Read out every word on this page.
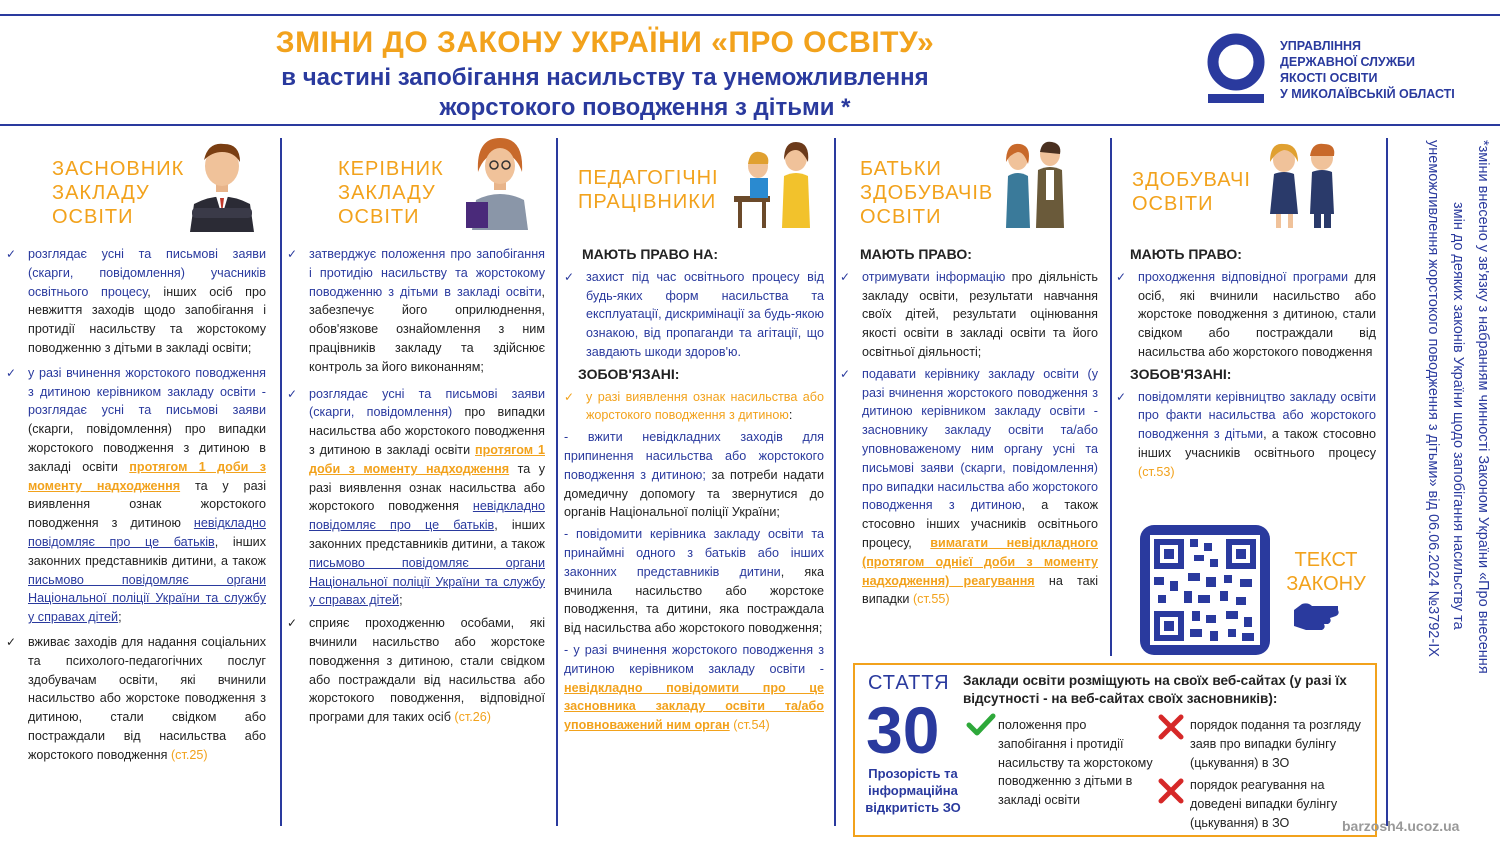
ЗМІНИ ДО ЗАКОНУ УКРАЇНИ «ПРО ОСВІТУ»
в частині запобігання насильству та унеможливлення
жорстокого поводження з дітьми *
УПРАВЛІННЯ
ДЕРЖАВНОЇ СЛУЖБИ
ЯКОСТІ ОСВІТИ
У МИКОЛАЇВСЬКІЙ ОБЛАСТІ
ЗАСНОВНИК
ЗАКЛАДУ
ОСВІТИ

✓ розглядає усні та письмові заяви (скарги, повідомлення) учасників освітнього процесу, інших осіб про невжиття заходів щодо запобігання і протидії насильству та жорстокому поводженню з дітьми в закладі освіти;

✓ у разі вчинення жорстокого поводження з дитиною керівником закладу освіти - розглядає усні та письмові заяви (скарги, повідомлення) про випадки жорстокого поводження з дитиною в закладі освіти протягом 1 доби з моменту надходження та у разі виявлення ознак жорстокого поводження з дитиною невідкладно повідомляє про це батьків, інших законних представників дитини, а також письмово повідомляє органи Національної поліції України та службу у справах дітей;

✓ вживає заходів для надання соціальних та психолого-педагогічних послуг здобувачам освіти, які вчинили насильство або жорстоке поводження з дитиною, стали свідком або постраждали від насильства або жорстокого поводження (ст.25)

КЕРІВНИК
ЗАКЛАДУ
ОСВІТИ

✓ затверджує положення про запобігання і протидію насильству та жорстокому поводженню з дітьми в закладі освіти, забезпечує його оприлюднення, обов'язкове ознайомлення з ним працівників закладу та здійснює контроль за його виконанням;

✓ розглядає усні та письмові заяви (скарги, повідомлення) про випадки насильства або жорстокого поводження з дитиною в закладі освіти протягом 1 доби з моменту надходження та у разі виявлення ознак насильства або жорстокого поводження невідкладно повідомляє про це батьків, інших законних представників дитини, а також письмово повідомляє органи Національної поліції України та службу у справах дітей;

✓ сприяє проходженню особами, які вчинили насильство або жорстоке поводження з дитиною, стали свідком або постраждали від насильства або жорстокого поводження, відповідної програми для таких осіб (ст.26)

ПЕДАГОГІЧНІ
ПРАЦІВНИКИ
МАЮТЬ ПРАВО НА:

✓ захист під час освітнього процесу від будь-яких форм насильства та експлуатації, дискримінації за будь-якою ознакою, від пропаганди та агітації, що завдають шкоди здоров'ю.

ЗОБОВ'ЯЗАНІ:

✓ у разі виявлення ознак насильства або жорстокого поводження з дитиною:

- вжити невідкладних заходів для припинення насильства або жорстокого поводження з дитиною; за потреби надати домедичну допомогу та звернутися до органів Національної поліції України;

- повідомити керівника закладу освіти та принаймні одного з батьків або інших законних представників дитини, яка вчинила насильство або жорстоке поводження, та дитини, яка постраждала від насильства або жорстокого поводження;

- у разі вчинення жорстокого поводження з дитиною керівником закладу освіти - невідкладно повідомити про це засновника закладу освіти та/або уповноважений ним орган (ст.54)

БАТЬКИ
ЗДОБУВАЧІВ
ОСВІТИ
МАЮТЬ ПРАВО:

✓ отримувати інформацію про діяльність закладу освіти, результати навчання своїх дітей, результати оцінювання якості освіти в закладі освіти та його освітньої діяльності;

✓ подавати керівнику закладу освіти (у разі вчинення жорстокого поводження з дитиною керівником закладу освіти - засновнику закладу освіти та/або уповноваженому ним органу усні та письмові заяви (скарги, повідомлення) про випадки насильства або жорстокого поводження з дитиною, а також стосовно інших учасників освітнього процесу, вимагати невідкладного (протягом однієї доби з моменту надходження) реагування на такі випадки (ст.55)

ЗДОБУВАЧІ
ОСВІТИ
МАЮТЬ ПРАВО:

✓ проходження відповідної програми для осіб, які вчинили насильство або жорстоке поводження з дитиною, стали свідком або постраждали від насильства або жорстокого поводження

ЗОБОВ'ЯЗАНІ:

✓ повідомляти керівництво закладу освіти про факти насильства або жорстокого поводження з дітьми, а також стосовно інших учасників освітнього процесу (ст.53)

ТЕКСТ
ЗАКОНУ
СТАТТЯ
30
Прозорість та інформаційна відкритість ЗО
Заклади освіти розміщують на своїх веб-сайтах (у разі їх відсутності - на веб-сайтах своїх засновників):
положення про запобігання і протидії насильству та жорстокому поводженню з дітьми в закладі освіти
порядок подання та розгляду заяв про випадки булінгу (цькування) в ЗО
порядок реагування на доведені випадки булінгу (цькування) в ЗО
*зміни внесено у зв'язку з набранням чинності Законом України «Про внесення
змін до деяких законів України щодо запобігання насильству та
унеможливлення жорстокого поводження з дітьми» від 06.06.2024 №3792-IX
barzosh4.ucoz.ua
